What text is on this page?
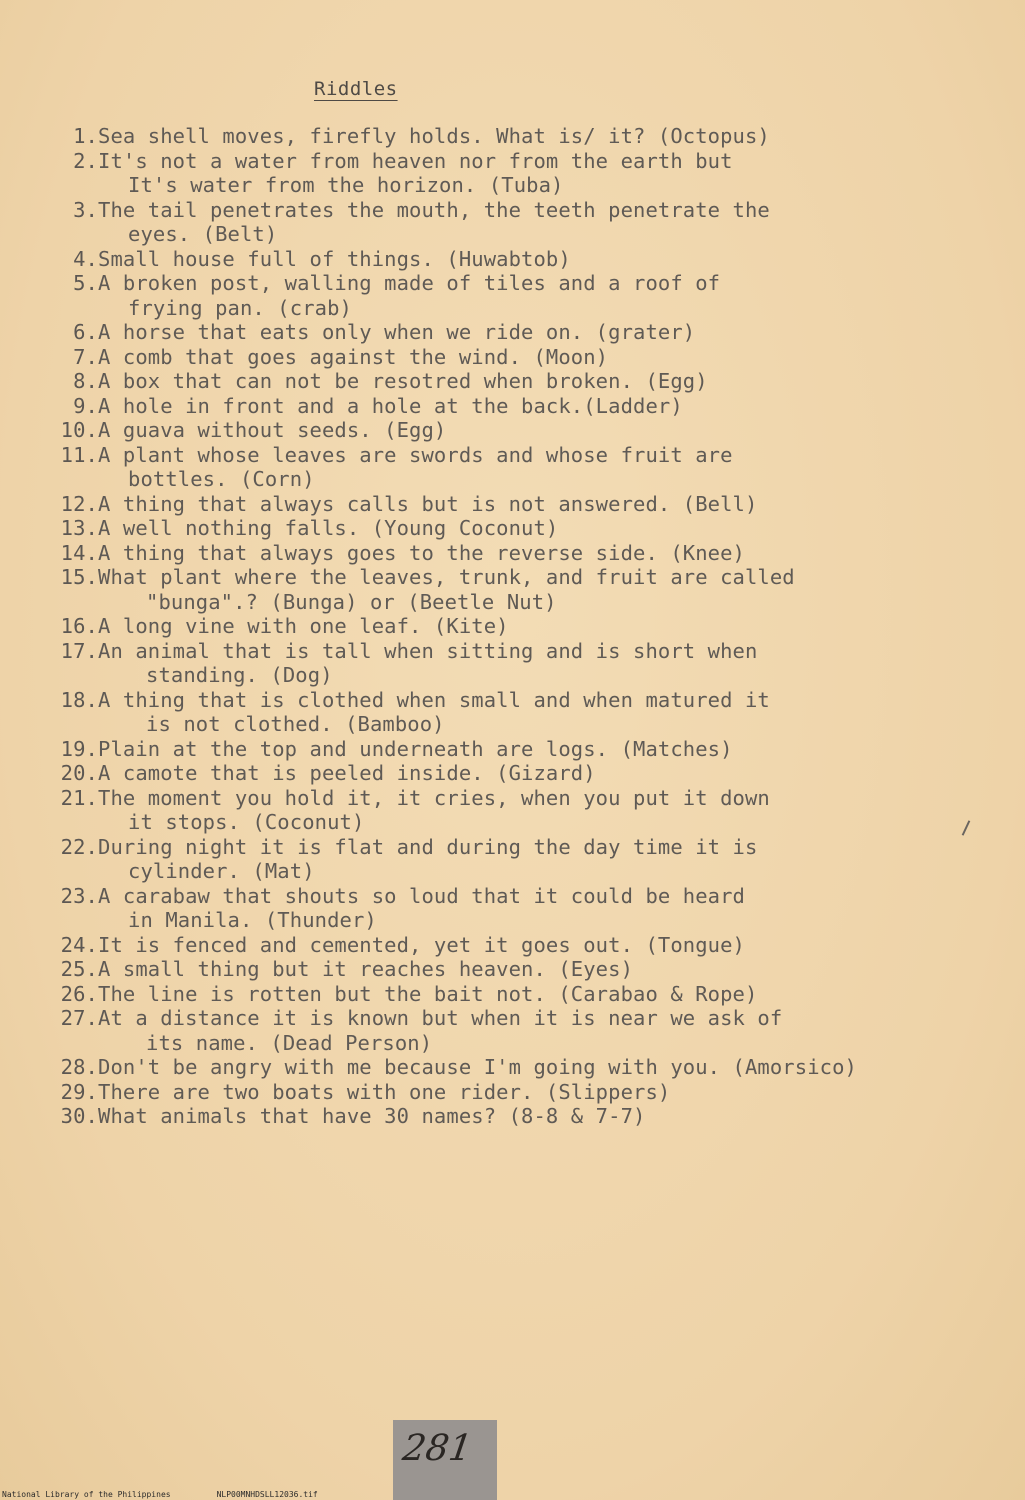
Riddles
1. Sea shell moves, firefly holds. What is/ it? (Octopus)
2. It's not a water from heaven nor from the earth but
It's water from the horizon. (Tuba)
3. The tail penetrates the mouth, the teeth penetrate the
eyes. (Belt)
4. Small house full of things. (Huwabtob)
5. A broken post, walling made of tiles and a roof of
frying pan. (crab)
6. A horse that eats only when we ride on. (grater)
7. A comb that goes against the wind. (Moon)
8. A box that can not be resotred when broken. (Egg)
9. A hole in front and a hole at the back.(Ladder)
10. A guava without seeds. (Egg)
11. A plant whose leaves are swords and whose fruit are
bottles. (Corn)
12. A thing that always calls but is not answered. (Bell)
13. A well nothing falls. (Young Coconut)
14. A thing that always goes to the reverse side. (Knee)
15. What plant where the leaves, trunk, and fruit are called
"bunga".? (Bunga) or (Beetle Nut)
16. A long vine with one leaf. (Kite)
17. An animal that is tall when sitting and is short when
standing. (Dog)
18. A thing that is clothed when small and when matured it
is not clothed. (Bamboo)
19. Plain at the top and underneath are logs. (Matches)
20. A camote that is peeled inside. (Gizard)
21. The moment you hold it, it cries, when you put it down
it stops. (Coconut)
22. During night it is flat and during the day time it is
cylinder. (Mat)
23. A carabaw that shouts so loud that it could be heard
in Manila. (Thunder)
24. It is fenced and cemented, yet it goes out. (Tongue)
25. A small thing but it reaches heaven. (Eyes)
26. The line is rotten but the bait not. (Carabao & Rope)
27. At a distance it is known but when it is near we ask of
its name. (Dead Person)
28. Don't be angry with me because I'm going with you. (Amorsico)
29. There are two boats with one rider. (Slippers)
30. What animals that have 30 names? (8-8 & 7-7)
281
National Library of the Philippines	NLP00MNHDSLL12036.tif
